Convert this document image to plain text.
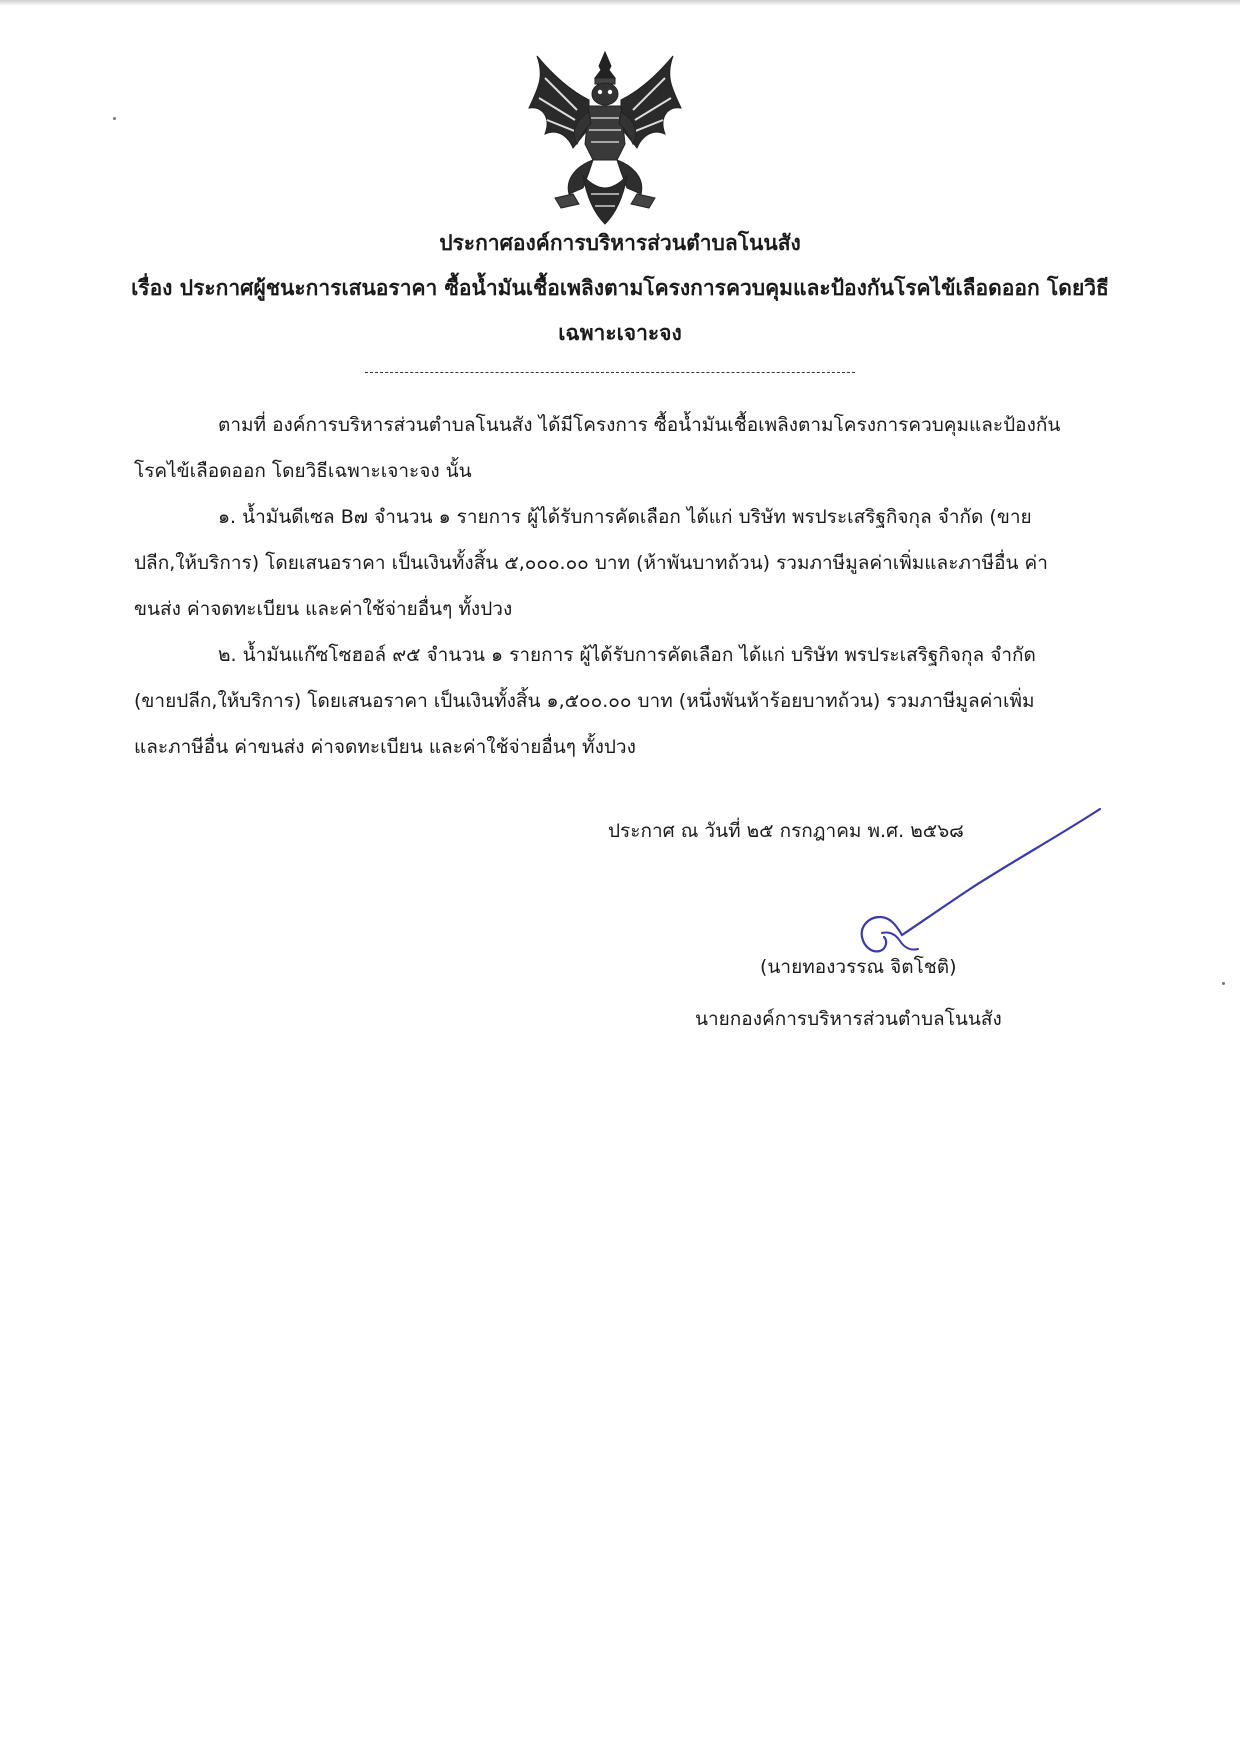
ประกาศองค์การบริหารส่วนตำบลโนนสัง
เรื่อง ประกาศผู้ชนะการเสนอราคา ซื้อน้ำมันเชื้อเพลิงตามโครงการควบคุมและป้องกันโรคไข้เลือดออก โดยวิธี
เฉพาะเจาะจง
ตามที่ องค์การบริหารส่วนตำบลโนนสัง ได้มีโครงการ ซื้อน้ำมันเชื้อเพลิงตามโครงการควบคุมและป้องกัน
โรคไข้เลือดออก โดยวิธีเฉพาะเจาะจง นั้น
๑. น้ำมันดีเซล B๗ จำนวน ๑ รายการ ผู้ได้รับการคัดเลือก ได้แก่ บริษัท พรประเสริฐกิจกุล จำกัด (ขาย
ปลีก,ให้บริการ) โดยเสนอราคา เป็นเงินทั้งสิ้น ๕,๐๐๐.๐๐ บาท (ห้าพันบาทถ้วน) รวมภาษีมูลค่าเพิ่มและภาษีอื่น ค่า
ขนส่ง ค่าจดทะเบียน และค่าใช้จ่ายอื่นๆ ทั้งปวง
๒. น้ำมันแก๊ซโซฮอล์ ๙๕ จำนวน ๑ รายการ ผู้ได้รับการคัดเลือก ได้แก่ บริษัท พรประเสริฐกิจกุล จำกัด
(ขายปลีก,ให้บริการ) โดยเสนอราคา เป็นเงินทั้งสิ้น ๑,๕๐๐.๐๐ บาท (หนึ่งพันห้าร้อยบาทถ้วน) รวมภาษีมูลค่าเพิ่ม
และภาษีอื่น ค่าขนส่ง ค่าจดทะเบียน และค่าใช้จ่ายอื่นๆ ทั้งปวง
ประกาศ ณ วันที่ ๒๕ กรกฎาคม พ.ศ. ๒๕๖๘
(นายทองวรรณ จิตโชติ)
นายกองค์การบริหารส่วนตำบลโนนสัง
